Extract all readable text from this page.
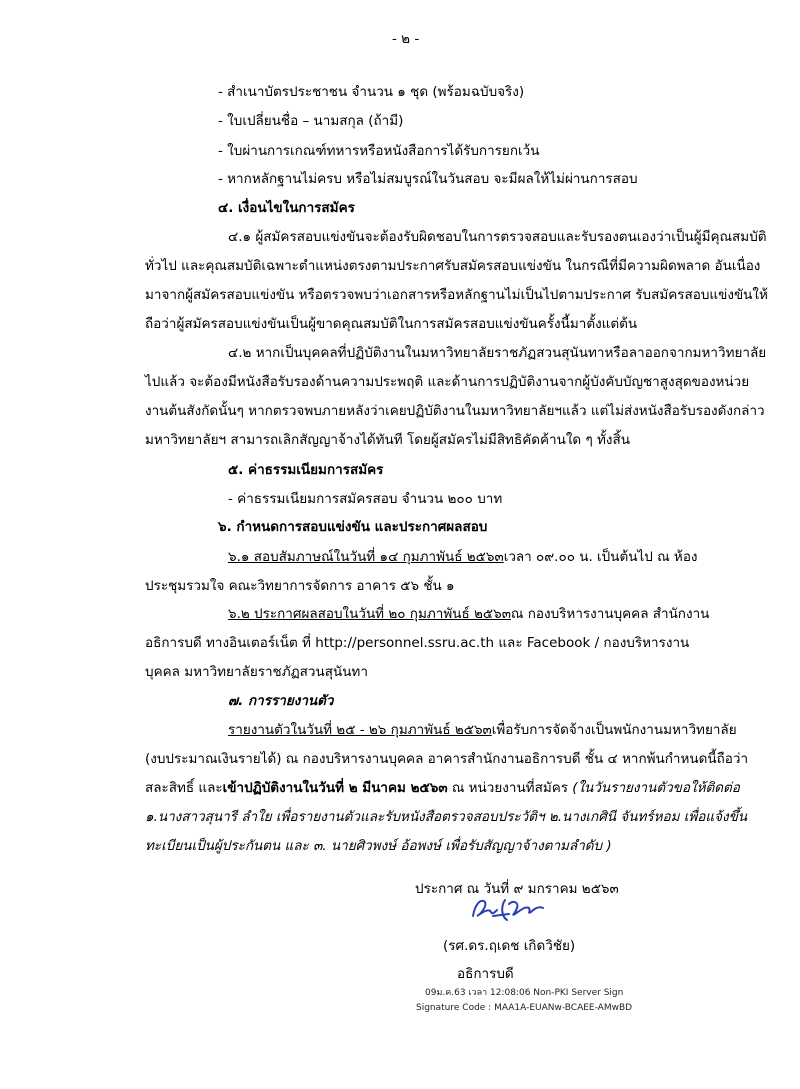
- ๒ -
- สำเนาบัตรประชาชน จำนวน ๑ ชุด (พร้อมฉบับจริง)
- ใบเปลี่ยนชื่อ – นามสกุล (ถ้ามี)
- ใบผ่านการเกณฑ์ทหารหรือหนังสือการได้รับการยกเว้น
- หากหลักฐานไม่ครบ หรือไม่สมบูรณ์ในวันสอบ จะมีผลให้ไม่ผ่านการสอบ
๔. เงื่อนไขในการสมัคร
๔.๑ ผู้สมัครสอบแข่งขันจะต้องรับผิดชอบในการตรวจสอบและรับรองตนเองว่าเป็นผู้มีคุณสมบัติ
ทั่วไป และคุณสมบัติเฉพาะตำแหน่งตรงตามประกาศรับสมัครสอบแข่งขัน ในกรณีที่มีความผิดพลาด อันเนื่อง
มาจากผู้สมัครสอบแข่งขัน หรือตรวจพบว่าเอกสารหรือหลักฐานไม่เป็นไปตามประกาศ รับสมัครสอบแข่งขันให้
ถือว่าผู้สมัครสอบแข่งขันเป็นผู้ขาดคุณสมบัติในการสมัครสอบแข่งขันครั้งนี้มาตั้งแต่ต้น
๔.๒ หากเป็นบุคคลที่ปฏิบัติงานในมหาวิทยาลัยราชภัฏสวนสุนันทาหรือลาออกจากมหาวิทยาลัย
ไปแล้ว จะต้องมีหนังสือรับรองด้านความประพฤติ และด้านการปฏิบัติงานจากผู้บังคับบัญชาสูงสุดของหน่วย
งานต้นสังกัดนั้นๆ หากตรวจพบภายหลังว่าเคยปฏิบัติงานในมหาวิทยาลัยฯแล้ว แต่ไม่ส่งหนังสือรับรองดังกล่าว
มหาวิทยาลัยฯ สามารถเลิกสัญญาจ้างได้ทันที โดยผู้สมัครไม่มีสิทธิคัดค้านใด ๆ ทั้งสิ้น
๕. ค่าธรรมเนียมการสมัคร
- ค่าธรรมเนียมการสมัครสอบ จำนวน ๒๐๐ บาท
๖. กำหนดการสอบแข่งขัน และประกาศผลสอบ
๖.๑ สอบสัมภาษณ์ในวันที่ ๑๔ กุมภาพันธ์ ๒๕๖๓ เวลา ๐๙.๐๐ น. เป็นต้นไป ณ ห้อง
ประชุมรวมใจ คณะวิทยาการจัดการ อาคาร ๕๖ ชั้น ๑
๖.๒ ประกาศผลสอบในวันที่ ๒๐ กุมภาพันธ์ ๒๕๖๓ ณ กองบริหารงานบุคคล สำนักงาน
อธิการบดี ทางอินเตอร์เน็ต ที่ http://personnel.ssru.ac.th และ Facebook / กองบริหารงาน
บุคคล มหาวิทยาลัยราชภัฏสวนสุนันทา
๗. การรายงานตัว
รายงานตัวในวันที่ ๒๕ - ๒๖ กุมภาพันธ์ ๒๕๖๓ เพื่อรับการจัดจ้างเป็นพนักงานมหาวิทยาลัย
(งบประมาณเงินรายได้) ณ กองบริหารงานบุคคล อาคารสำนักงานอธิการบดี ชั้น ๔ หากพ้นกำหนดนี้ถือว่า
สละสิทธิ์ และเข้าปฏิบัติงานในวันที่ ๒ มีนาคม ๒๕๖๓ ณ หน่วยงานที่สมัคร (ในวันรายงานตัวขอให้ติดต่อ
๑.นางสาวสุนารี ลำใย เพื่อรายงานตัวและรับหนังสือตรวจสอบประวัติฯ ๒.นางเกศินี จันทร์หอม เพื่อแจ้งขึ้น
ทะเบียนเป็นผู้ประกันตน และ ๓. นายศิวพงษ์ อ้อพงษ์ เพื่อรับสัญญาจ้างตามลำดับ )
ประกาศ ณ วันที่ ๙ มกราคม ๒๕๖๓
(รศ.ดร.ฤเดช เกิดวิชัย)
อธิการบดี
09ม.ค.63 เวลา 12:08:06 Non-PKI Server Sign
Signature Code : MAA1A-EUANw-BCAEE-AMwBD
